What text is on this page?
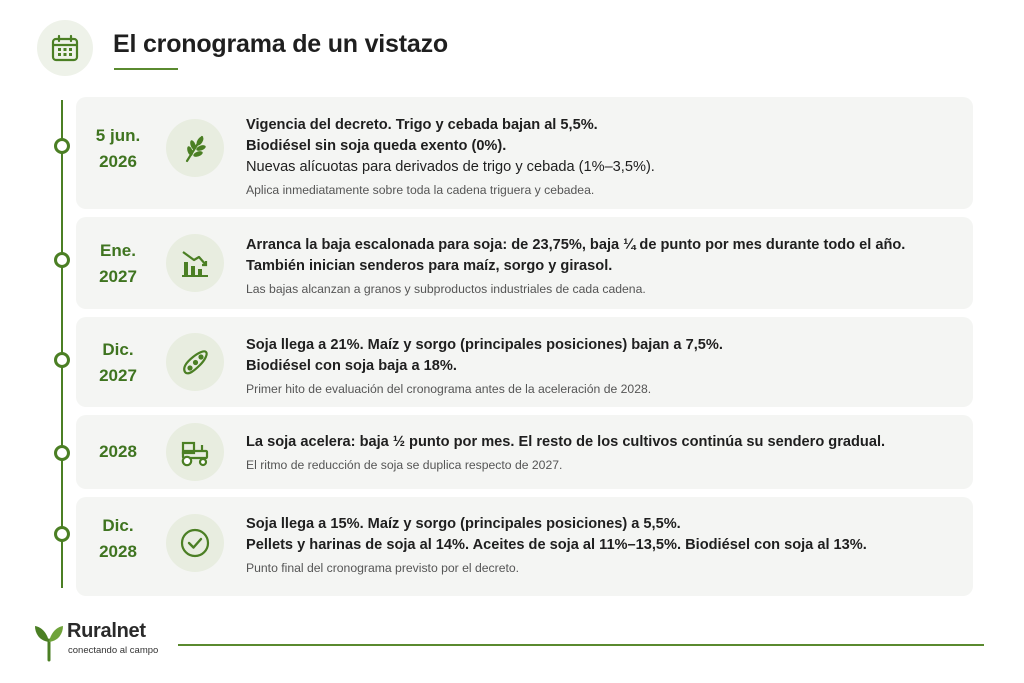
El cronograma de un vistazo
5 jun.
2026
Vigencia del decreto. Trigo y cebada bajan al 5,5%.
Biodiésel sin soja queda exento (0%).
Nuevas alícuotas para derivados de trigo y cebada (1%–3,5%).
Aplica inmediatamente sobre toda la cadena triguera y cebadea.
Ene.
2027
Arranca la baja escalonada para soja: de 23,75%, baja ¼ de punto por mes durante todo el año.
También inician senderos para maíz, sorgo y girasol.
Las bajas alcanzan a granos y subproductos industriales de cada cadena.
Dic.
2027
Soja llega a 21%. Maíz y sorgo (principales posiciones) bajan a 7,5%.
Biodiésel con soja baja a 18%.
Primer hito de evaluación del cronograma antes de la aceleración de 2028.
2028	La soja acelera: baja ½ punto por mes. El resto de los cultivos continúa su sendero gradual.
El ritmo de reducción de soja se duplica respecto de 2027.
Dic.
2028
Soja llega a 15%. Maíz y sorgo (principales posiciones) a 5,5%.
Pellets y harinas de soja al 14%. Aceites de soja al 11%–13,5%. Biodiésel con soja al 13%.
Punto final del cronograma previsto por el decreto.
Ruralnet
conectando al campo
